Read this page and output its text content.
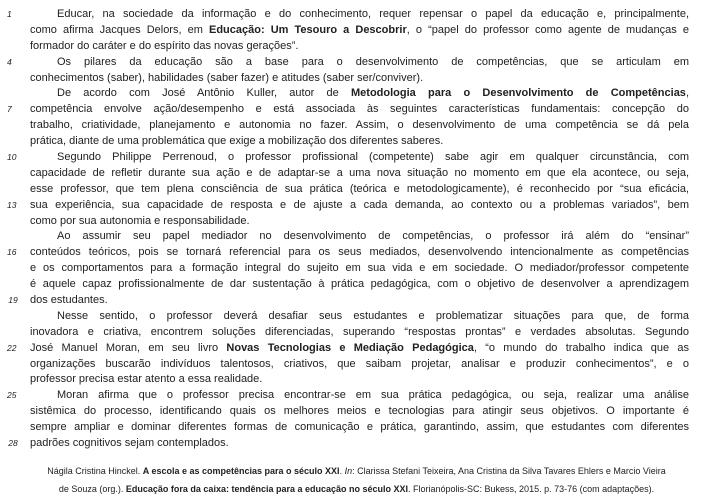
1	Educar, na sociedade da informação e do conhecimento, requer repensar o papel da educação e, principalmente,
como afirma Jacques Delors, em Educação: Um Tesouro a Descobrir, o “papel do professor como agente de mudanças e
formador do caráter e do espírito das novas gerações”.
4	Os pilares da educação são a base para o desenvolvimento de competências, que se articulam em
conhecimentos (saber), habilidades (saber fazer) e atitudes (saber ser/conviver).
De acordo com José Antônio Kuller, autor de Metodologia para o Desenvolvimento de Competências,
7	competência envolve ação/desempenho e está associada às seguintes características fundamentais: concepção do
trabalho, criatividade, planejamento e autonomia no fazer. Assim, o desenvolvimento de uma competência se dá pela
prática, diante de uma problemática que exige a mobilização dos diferentes saberes.
10	Segundo Philippe Perrenoud, o professor profissional (competente) sabe agir em qualquer circunstância, com
capacidade de refletir durante sua ação e de adaptar-se a uma nova situação no momento em que ela acontece, ou seja,
esse professor, que tem plena consciência de sua prática (teórica e metodologicamente), é reconhecido por “sua eficácia,
13 sua experiência, sua capacidade de resposta e de ajuste a cada demanda, ao contexto ou a problemas variados”, bem
como por sua autonomia e responsabilidade.
Ao assumir seu papel mediador no desenvolvimento de competências, o professor irá além do “ensinar”
16 conteúdos teóricos, pois se tornará referencial para os seus mediados, desenvolvendo intencionalmente as competências
e os comportamentos para a formação integral do sujeito em sua vida e em sociedade. O mediador/professor competente
é aquele capaz profissionalmente de dar sustentação à prática pedagógica, com o objetivo de desenvolver a aprendizagem
19 dos estudantes.
Nesse sentido, o professor deverá desafiar seus estudantes e problematizar situações para que, de forma
inovadora e criativa, encontrem soluções diferenciadas, superando “respostas prontas” e verdades absolutas. Segundo
22 José Manuel Moran, em seu livro Novas Tecnologias e Mediação Pedagógica, “o mundo do trabalho indica que as
organizações buscarão indivíduos talentosos, criativos, que saibam projetar, analisar e produzir conhecimentos”, e o
professor precisa estar atento a essa realidade.
25	Moran afirma que o professor precisa encontrar-se em sua prática pedagógica, ou seja, realizar uma análise
sistêmica do processo, identificando quais os melhores meios e tecnologias para atingir seus objetivos. O importante é
sempre ampliar e dominar diferentes formas de comunicação e prática, garantindo, assim, que estudantes com diferentes
28 padrões cognitivos sejam contemplados.
Nágila Cristina Hinckel. A escola e as competências para o século XXI. In: Clarissa Stefani Teixeira, Ana Cristina da Silva Tavares Ehlers e Marcio Vieira
de Souza (org.). Educação fora da caixa: tendência para a educação no século XXI. Florianópolis-SC: Bukess, 2015. p. 73-76 (com adaptações).
